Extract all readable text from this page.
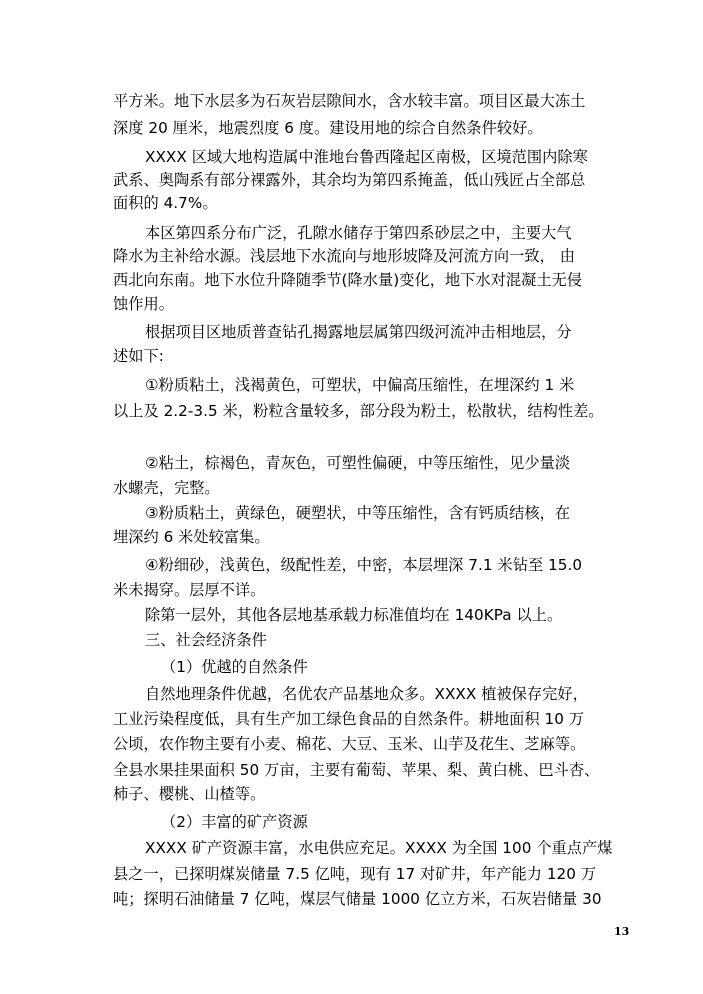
平方米。地下水层多为石灰岩层隙间水，含水较丰富。项目区最大冻土
深度 20 厘米，地震烈度 6 度。建设用地的综合自然条件较好。
XXXX 区域大地构造属中淮地台鲁西隆起区南极，区境范围内除寒
武系、奥陶系有部分裸露外，其余均为第四系掩盖，低山残匠占全部总
面积的 4.7%。
本区第四系分布广泛，孔隙水储存于第四系砂层之中，主要大气
降水为主补给水源。浅层地下水流向与地形坡降及河流方向一致， 由
西北向东南。地下水位升降随季节(降水量)变化，地下水对混凝土无侵
蚀作用。
根据项目区地质普查钻孔揭露地层属第四级河流冲击相地层，分
述如下:
①粉质粘土，浅褐黄色，可塑状，中偏高压缩性，在埋深约 1 米
以上及 2.2-3.5 米，粉粒含量较多，部分段为粉土，松散状，结构性差。
②粘土，棕褐色，青灰色，可塑性偏硬，中等压缩性，见少量淡
水螺壳，完整。
③粉质粘土，黄绿色，硬塑状，中等压缩性，含有钙质结核，在
埋深约 6 米处较富集。
④粉细砂，浅黄色，级配性差，中密，本层埋深 7.1 米钻至 15.0
米未揭穿。层厚不详。
除第一层外，其他各层地基承载力标准值均在 140KPa 以上。
三、社会经济条件
（1）优越的自然条件
自然地理条件优越，名优农产品基地众多。XXXX 植被保存完好，
工业污染程度低，具有生产加工绿色食品的自然条件。耕地面积 10 万
公顷，农作物主要有小麦、棉花、大豆、玉米、山芋及花生、芝麻等。
全县水果挂果面积 50 万亩，主要有葡萄、苹果、梨、黄白桃、巴斗杏、
柿子、樱桃、山楂等。
（2）丰富的矿产资源
XXXX 矿产资源丰富，水电供应充足。XXXX 为全国 100 个重点产煤
县之一，已探明煤炭储量 7.5 亿吨，现有 17 对矿井，年产能力 120 万
吨；探明石油储量 7 亿吨，煤层气储量 1000 亿立方米，石灰岩储量 30
13
